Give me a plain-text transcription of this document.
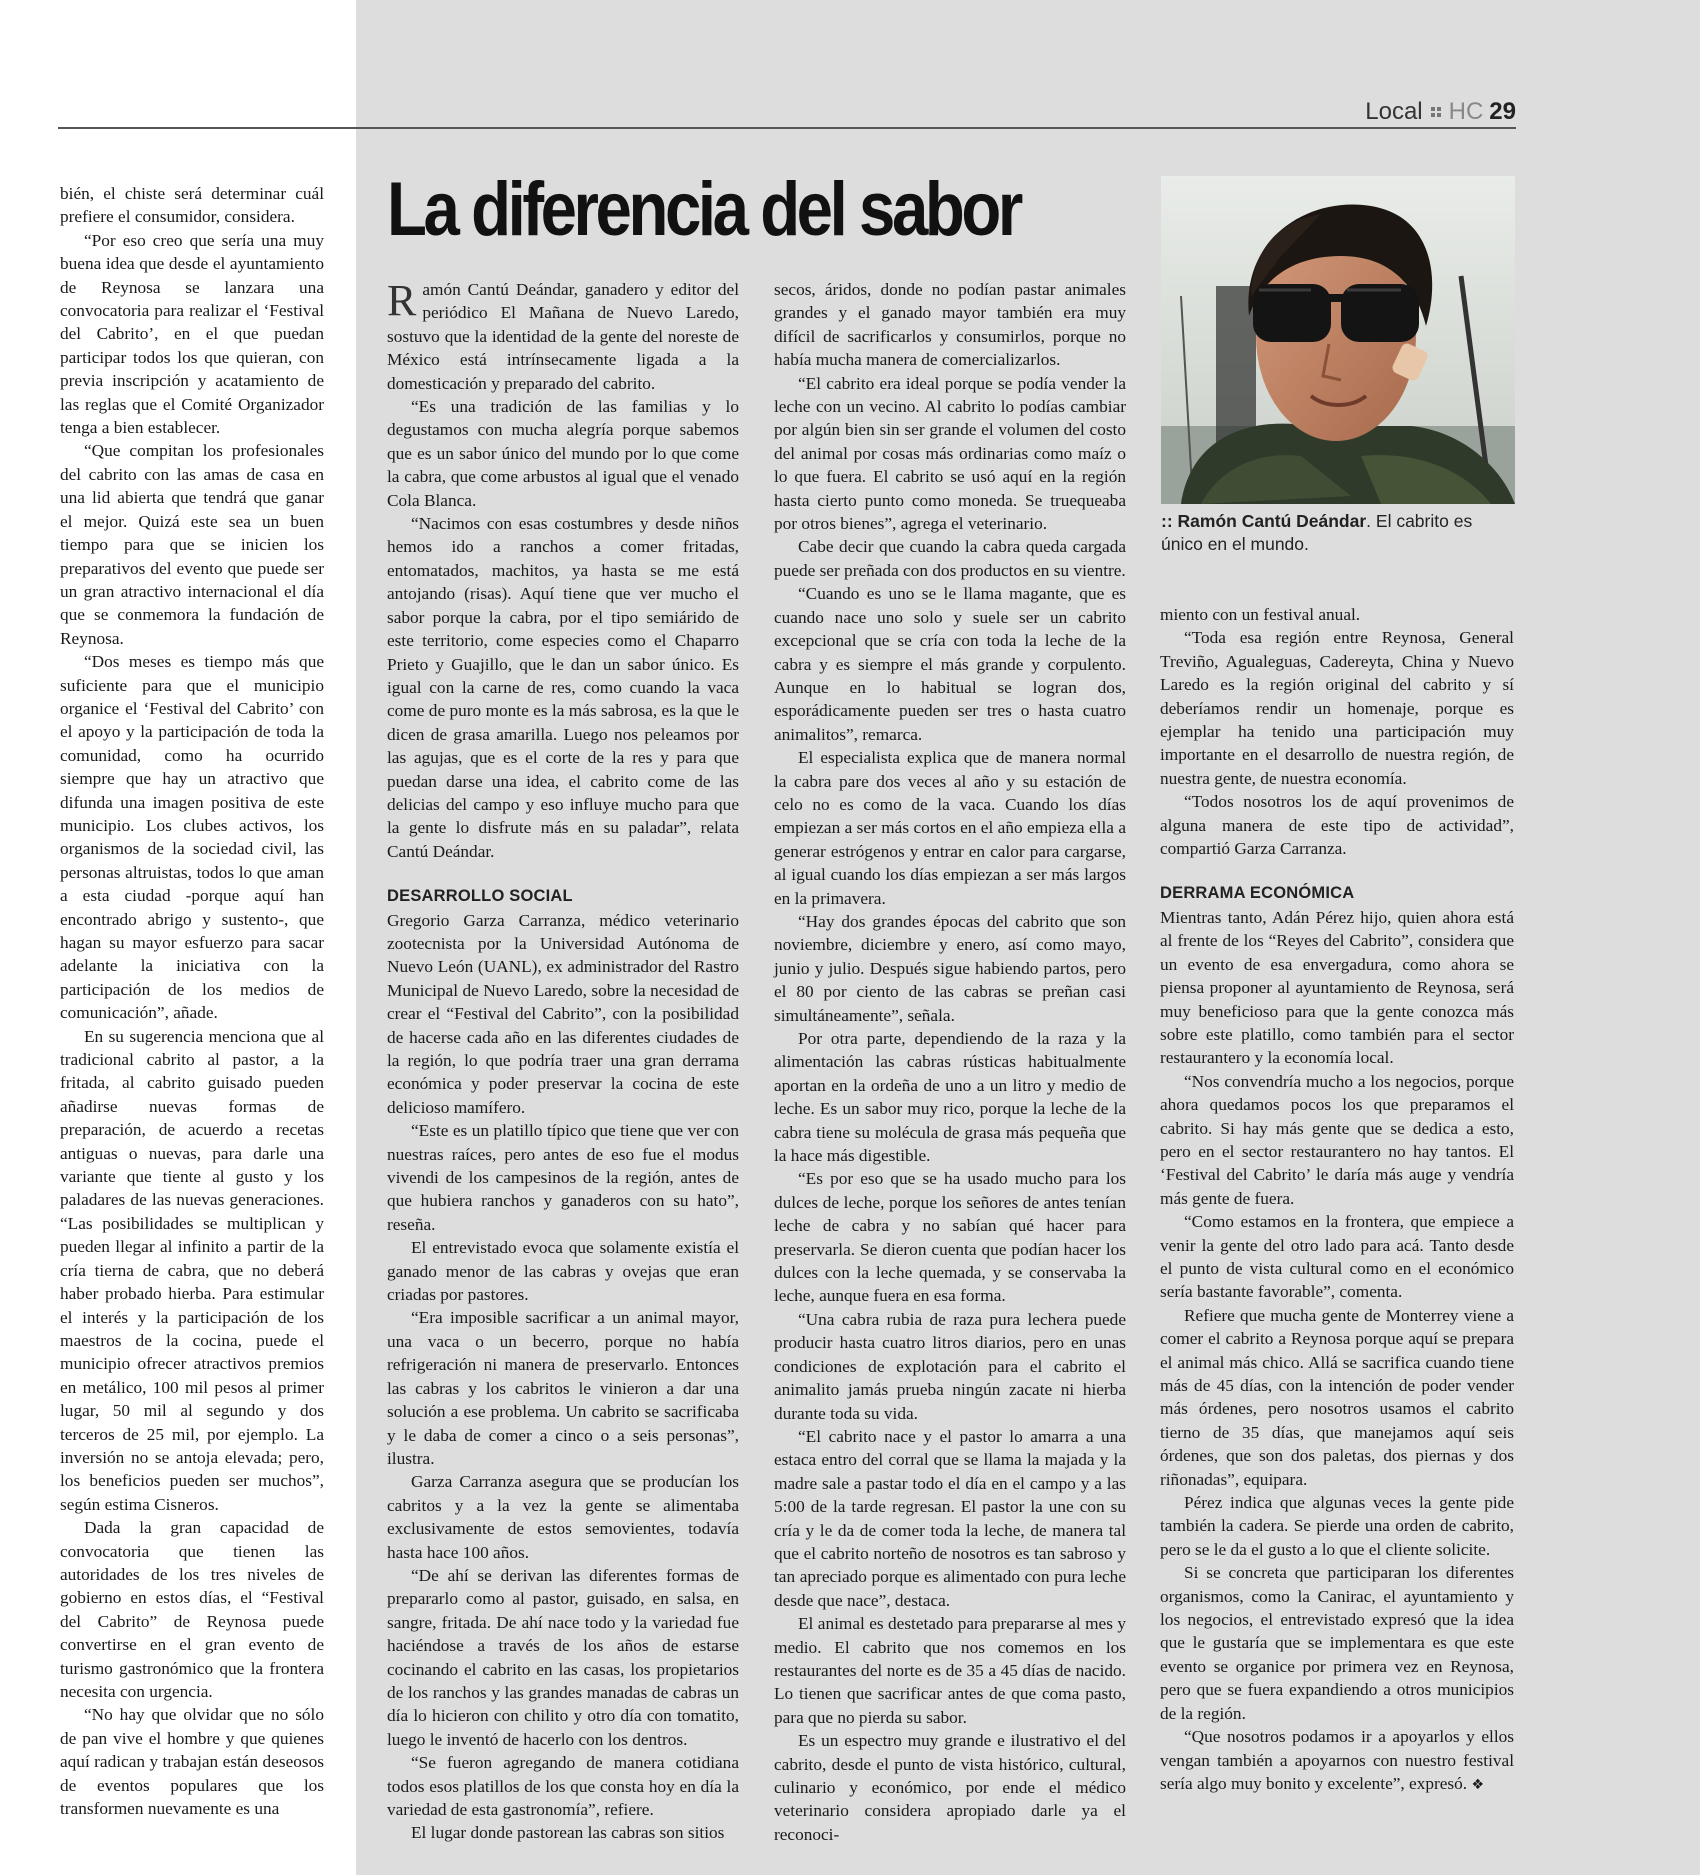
Local HC 29

bién, el chiste será determinar cuál prefiere el consumidor, considera.

“Por eso creo que sería una muy buena idea que desde el ayuntamiento de Reynosa se lanzara una convocatoria para realizar el ‘Festival del Cabrito’, en el que puedan participar todos los que quieran, con previa inscripción y acatamiento de las reglas que el Comité Organizador tenga a bien establecer.

“Que compitan los profesionales del cabrito con las amas de casa en una lid abierta que tendrá que ganar el mejor. Quizá este sea un buen tiempo para que se inicien los preparativos del evento que puede ser un gran atractivo internacional el día que se conmemora la fundación de Reynosa.

“Dos meses es tiempo más que suficiente para que el municipio organice el ‘Festival del Cabrito’ con el apoyo y la participación de toda la comunidad, como ha ocurrido siempre que hay un atractivo que difunda una imagen positiva de este municipio. Los clubes activos, los organismos de la sociedad civil, las personas altruistas, todos lo que aman a esta ciudad -porque aquí han encontrado abrigo y sustento-, que hagan su mayor esfuerzo para sacar adelante la iniciativa con la participación de los medios de comunicación”, añade.

En su sugerencia menciona que al tradicional cabrito al pastor, a la fritada, al cabrito guisado pueden añadirse nuevas formas de preparación, de acuerdo a recetas antiguas o nuevas, para darle una variante que tiente al gusto y los paladares de las nuevas generaciones. “Las posibilidades se multiplican y pueden llegar al infinito a partir de la cría tierna de cabra, que no deberá haber probado hierba. Para estimular el interés y la participación de los maestros de la cocina, puede el municipio ofrecer atractivos premios en metálico, 100 mil pesos al primer lugar, 50 mil al segundo y dos terceros de 25 mil, por ejemplo. La inversión no se antoja elevada; pero, los beneficios pueden ser muchos”, según estima Cisneros.

Dada la gran capacidad de convocatoria que tienen las autoridades de los tres niveles de gobierno en estos días, el “Festival del Cabrito” de Reynosa puede convertirse en el gran evento de turismo gastronómico que la frontera necesita con urgencia.

“No hay que olvidar que no sólo de pan vive el hombre y que quienes aquí radican y trabajan están deseosos de eventos populares que los transformen nuevamente es una

La diferencia del sabor

Ramón Cantú Deándar, ganadero y editor del periódico El Mañana de Nuevo Laredo, sostuvo que la identidad de la gente del noreste de México está intrínsecamente ligada a la domesticación y preparado del cabrito.

“Es una tradición de las familias y lo degustamos con mucha alegría porque sabemos que es un sabor único del mundo por lo que come la cabra, que come arbustos al igual que el venado Cola Blanca.

“Nacimos con esas costumbres y desde niños hemos ido a ranchos a comer fritadas, entomatados, machitos, ya hasta se me está antojando (risas). Aquí tiene que ver mucho el sabor porque la cabra, por el tipo semiárido de este territorio, come especies como el Chaparro Prieto y Guajillo, que le dan un sabor único. Es igual con la carne de res, como cuando la vaca come de puro monte es la más sabrosa, es la que le dicen de grasa amarilla. Luego nos peleamos por las agujas, que es el corte de la res y para que puedan darse una idea, el cabrito come de las delicias del campo y eso influye mucho para que la gente lo disfrute más en su paladar”, relata Cantú Deándar.

DESARROLLO SOCIAL

Gregorio Garza Carranza, médico veterinario zootecnista por la Universidad Autónoma de Nuevo León (UANL), ex administrador del Rastro Municipal de Nuevo Laredo, sobre la necesidad de crear el “Festival del Cabrito”, con la posibilidad de hacerse cada año en las diferentes ciudades de la región, lo que podría traer una gran derrama económica y poder preservar la cocina de este delicioso mamífero.

“Este es un platillo típico que tiene que ver con nuestras raíces, pero antes de eso fue el modus vivendi de los campesinos de la región, antes de que hubiera ranchos y ganaderos con su hato”, reseña.

El entrevistado evoca que solamente existía el ganado menor de las cabras y ovejas que eran criadas por pastores.

“Era imposible sacrificar a un animal mayor, una vaca o un becerro, porque no había refrigeración ni manera de preservarlo. Entonces las cabras y los cabritos le vinieron a dar una solución a ese problema. Un cabrito se sacrificaba y le daba de comer a cinco o a seis personas”, ilustra.

Garza Carranza asegura que se producían los cabritos y a la vez la gente se alimentaba exclusivamente de estos semovientes, todavía hasta hace 100 años.

“De ahí se derivan las diferentes formas de prepararlo como al pastor, guisado, en salsa, en sangre, fritada. De ahí nace todo y la variedad fue haciéndose a través de los años de estarse cocinando el cabrito en las casas, los propietarios de los ranchos y las grandes manadas de cabras un día lo hicieron con chilito y otro día con tomatito, luego le inventó de hacerlo con los dentros.

“Se fueron agregando de manera cotidiana todos esos platillos de los que consta hoy en día la variedad de esta gastronomía”, refiere.

El lugar donde pastorean las cabras son sitios

secos, áridos, donde no podían pastar animales grandes y el ganado mayor también era muy difícil de sacrificarlos y consumirlos, porque no había mucha manera de comercializarlos.

“El cabrito era ideal porque se podía vender la leche con un vecino. Al cabrito lo podías cambiar por algún bien sin ser grande el volumen del costo del animal por cosas más ordinarias como maíz o lo que fuera. El cabrito se usó aquí en la región hasta cierto punto como moneda. Se truequeaba por otros bienes”, agrega el veterinario.

Cabe decir que cuando la cabra queda cargada puede ser preñada con dos productos en su vientre.

“Cuando es uno se le llama magante, que es cuando nace uno solo y suele ser un cabrito excepcional que se cría con toda la leche de la cabra y es siempre el más grande y corpulento. Aunque en lo habitual se logran dos, esporádicamente pueden ser tres o hasta cuatro animalitos”, remarca.

El especialista explica que de manera normal la cabra pare dos veces al año y su estación de celo no es como de la vaca. Cuando los días empiezan a ser más cortos en el año empieza ella a generar estrógenos y entrar en calor para cargarse, al igual cuando los días empiezan a ser más largos en la primavera.

“Hay dos grandes épocas del cabrito que son noviembre, diciembre y enero, así como mayo, junio y julio. Después sigue habiendo partos, pero el 80 por ciento de las cabras se preñan casi simultáneamente”, señala.

Por otra parte, dependiendo de la raza y la alimentación las cabras rústicas habitualmente aportan en la ordeña de uno a un litro y medio de leche. Es un sabor muy rico, porque la leche de la cabra tiene su molécula de grasa más pequeña que la hace más digestible.

“Es por eso que se ha usado mucho para los dulces de leche, porque los señores de antes tenían leche de cabra y no sabían qué hacer para preservarla. Se dieron cuenta que podían hacer los dulces con la leche quemada, y se conservaba la leche, aunque fuera en esa forma.

“Una cabra rubia de raza pura lechera puede producir hasta cuatro litros diarios, pero en unas condiciones de explotación para el cabrito el animalito jamás prueba ningún zacate ni hierba durante toda su vida.

“El cabrito nace y el pastor lo amarra a una estaca entro del corral que se llama la majada y la madre sale a pastar todo el día en el campo y a las 5:00 de la tarde regresan. El pastor la une con su cría y le da de comer toda la leche, de manera tal que el cabrito norteño de nosotros es tan sabroso y tan apreciado porque es alimentado con pura leche desde que nace”, destaca.

El animal es destetado para prepararse al mes y medio. El cabrito que nos comemos en los restaurantes del norte es de 35 a 45 días de nacido. Lo tienen que sacrificar antes de que coma pasto, para que no pierda su sabor.

Es un espectro muy grande e ilustrativo el del cabrito, desde el punto de vista histórico, cultural, culinario y económico, por ende el médico veterinario considera apropiado darle ya el reconoci-

:: Ramón Cantú Deándar. El cabrito es único en el mundo.

miento con un festival anual.

“Toda esa región entre Reynosa, General Treviño, Agualeguas, Cadereyta, China y Nuevo Laredo es la región original del cabrito y sí deberíamos rendir un homenaje, porque es ejemplar ha tenido una participación muy importante en el desarrollo de nuestra región, de nuestra gente, de nuestra economía.

“Todos nosotros los de aquí provenimos de alguna manera de este tipo de actividad”, compartió Garza Carranza.

DERRAMA ECONÓMICA

Mientras tanto, Adán Pérez hijo, quien ahora está al frente de los “Reyes del Cabrito”, considera que un evento de esa envergadura, como ahora se piensa proponer al ayuntamiento de Reynosa, será muy beneficioso para que la gente conozca más sobre este platillo, como también para el sector restaurantero y la economía local.

“Nos convendría mucho a los negocios, porque ahora quedamos pocos los que preparamos el cabrito. Si hay más gente que se dedica a esto, pero en el sector restaurantero no hay tantos. El ‘Festival del Cabrito’ le daría más auge y vendría más gente de fuera.

“Como estamos en la frontera, que empiece a venir la gente del otro lado para acá. Tanto desde el punto de vista cultural como en el económico sería bastante favorable”, comenta.

Refiere que mucha gente de Monterrey viene a comer el cabrito a Reynosa porque aquí se prepara el animal más chico. Allá se sacrifica cuando tiene más de 45 días, con la intención de poder vender más órdenes, pero nosotros usamos el cabrito tierno de 35 días, que manejamos aquí seis órdenes, que son dos paletas, dos piernas y dos riñonadas”, equipara.

Pérez indica que algunas veces la gente pide también la cadera. Se pierde una orden de cabrito, pero se le da el gusto a lo que el cliente solicite.

Si se concreta que participaran los diferentes organismos, como la Canirac, el ayuntamiento y los negocios, el entrevistado expresó que la idea que le gustaría que se implementara es que este evento se organice por primera vez en Reynosa, pero que se fuera expandiendo a otros municipios de la región.

“Que nosotros podamos ir a apoyarlos y ellos vengan también a apoyarnos con nuestro festival sería algo muy bonito y excelente”, expresó. ❖
